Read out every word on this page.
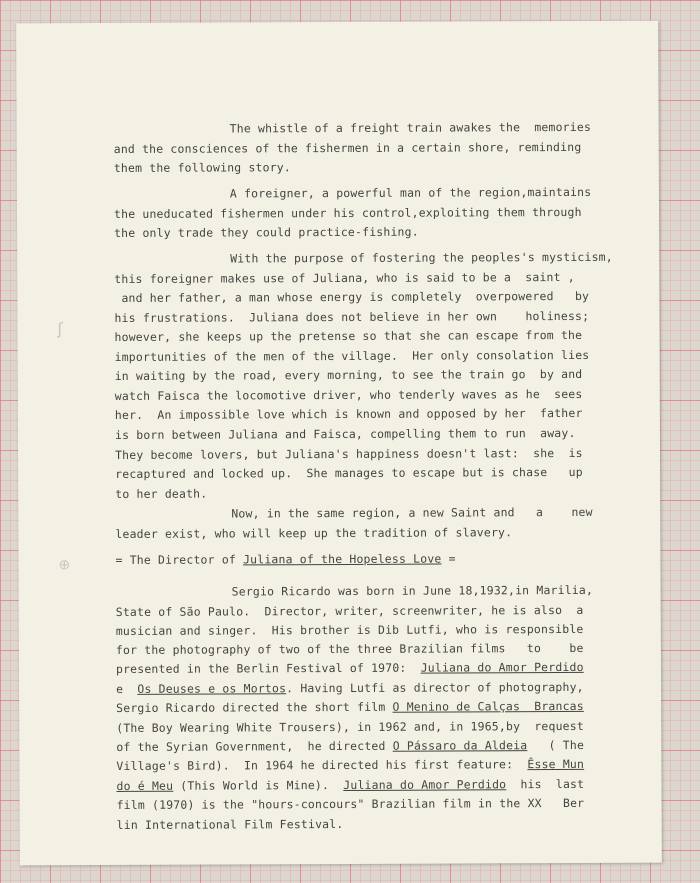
The whistle of a freight train awakes the  memories

and the consciences of the fishermen in a certain shore, reminding

them the following story.

A foreigner, a powerful man of the region,maintains

the uneducated fishermen under his control,exploiting them through

the only trade they could practice-fishing.

With the purpose of fostering the peoples's mysticism,

this foreigner makes use of Juliana, who is said to be a  saint ,

and her father, a man whose energy is completely  overpowered   by

his frustrations.  Juliana does not believe in her own    holiness;

however, she keeps up the pretense so that she can escape from the

importunities of the men of the village.  Her only consolation lies

in waiting by the road, every morning, to see the train go  by and

watch Faisca the locomotive driver, who tenderly waves as he  sees

her.  An impossible love which is known and opposed by her  father

is born between Juliana and Faisca, compelling them to run  away.

They become lovers, but Juliana's happiness doesn't last:  she  is

recaptured and locked up.  She manages to escape but is chase   up

to her death.

Now, in the same region, a new Saint and   a    new

leader exist, who will keep up the tradition of slavery.

= The Director of Juliana of the Hopeless Love =

Sergio Ricardo was born in June 18,1932,in Marilia,

State of São Paulo.  Director, writer, screenwriter, he is also  a

musician and singer.  His brother is Dib Lutfi, who is responsible

for the photography of two of the three Brazilian films   to    be

presented in the Berlin Festival of 1970:  Juliana do Amor Perdido

e  Os Deuses e os Mortos. Having Lutfi as director of photography,

Sergio Ricardo directed the short film O Menino de Calças  Brancas

(The Boy Wearing White Trousers), in 1962 and, in 1965,by  request

of the Syrian Government,  he directed O Pássaro da Aldeia   ( The

Village's Bird).  In 1964 he directed his first feature:  Êsse Mun

do é Meu (This World is Mine).  Juliana do Amor Perdido  his  last

film (1970) is the "hours-concours" Brazilian film in the XX   Ber

lin International Film Festival.

ʃ
⊕
